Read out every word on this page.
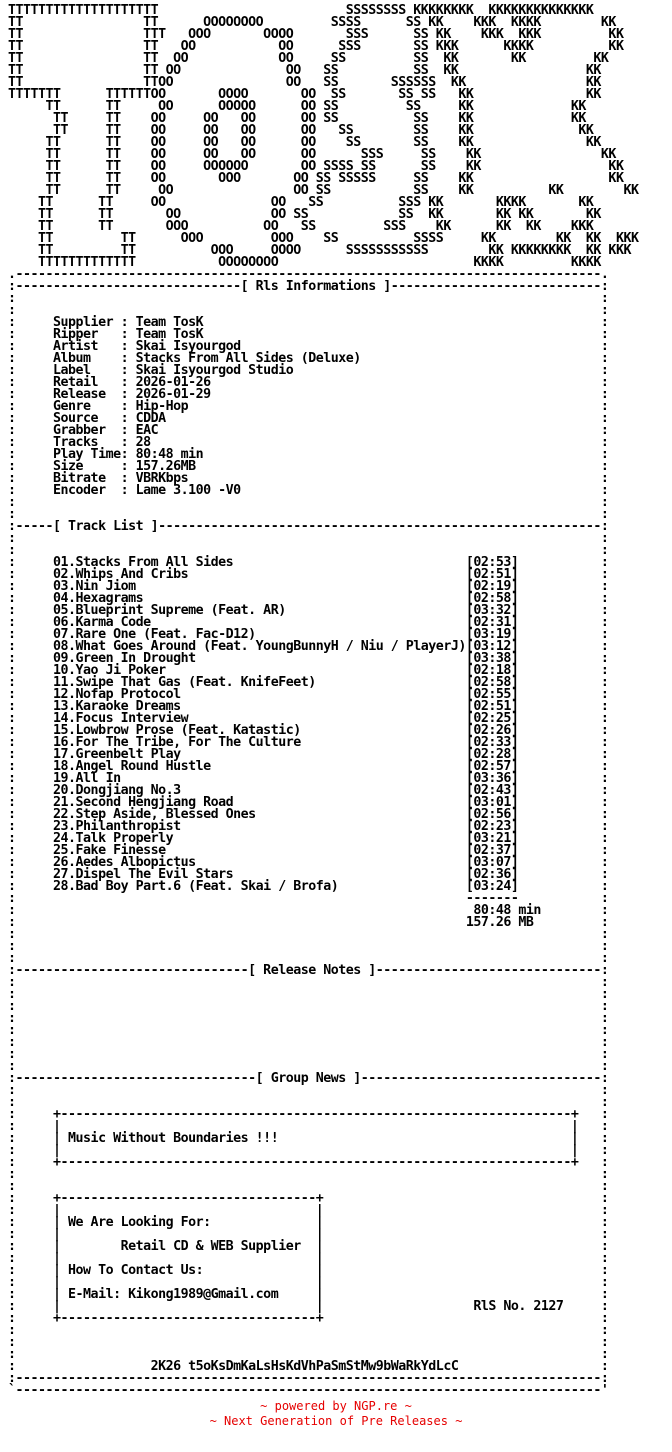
TTTTTTTTTTTTTTTTTTTT                         SSSSSSSS KKKKKKKK  KKKKKKKKKKKKKK
TT                TT      OOOOOOOO         SSSS      SS KK    KKK  KKKK        KK
TT                TTT   OOO       OOOO       SSS      SS KK    KKK  KKK         KK
TT                TT   OO           OO      SSS       SS KKK      KKKK          KK
TT                TT  OO            OO     SS         SS  KK       KK         KK
TT                TT OO              OO   SS          SS  KK                 KK
TT                TTOO               OO   SS       SSSSSS  KK                KK
TTTTTTT      TTTTTTOO       OOOO       OO  SS       SS SS   KK               KK
TT      TT     OO      OOOOO      OO SS         SS     KK             KK
TT     TT    OO     OO   OO      OO SS          SS    KK             KK
TT     TT    OO     OO   OO      OO   SS        SS    KK              KK
TT      TT    OO     OO   OO      OO    SS       SS    KK               KK
TT      TT    OO     OO   OO      OO      SSS     SS    KK                KK
TT      TT    OO     OOOOOO       OO SSSS SS      SS    KK                 KK
TT      TT    OO       OOO       OO SS SSSSS     SS    KK                  KK
TT      TT     OO                OO SS           SS    KK          KK        KK
TT      TT     OO              OO   SS          SSS KK       KKKK       KK
TT      TT       OO            OO SS            SS  KK       KK KK       KK
TT      TT       OOO          OO   SS         SSS    KK      KK  KK    KKK
TT         TT      OOO         OOO    SS          SSSS     KK        KK  KK  KKK
TT         TT          OOO     OOOO      SSSSSSSSSSS        KK KKKKKKKK  KK KKK
TTTTTTTTTTTTT           OOOOOOOO                          KKKK         KKKK
.------------------------------------------------------------------------------.
:------------------------------[ Rls Informations ]----------------------------:
:                                                                              :
:                                                                              :
:     Supplier : Team TosK                                                     :
:     Ripper   : Team TosK                                                     :
:     Artist   : Skai Isyourgod                                                :
:     Album    : Stacks From All Sides (Deluxe)                                :
:     Label    : Skai Isyourgod Studio                                         :
:     Retail   : 2026-01-26                                                    :
:     Release  : 2026-01-29                                                    :
:     Genre    : Hip-Hop                                                       :
:     Source   : CDDA                                                          :
:     Grabber  : EAC                                                           :
:     Tracks   : 28                                                            :
:     Play Time: 80:48 min                                                     :
:     Size     : 157.26MB                                                      :
:     Bitrate  : VBRKbps                                                       :
:     Encoder  : Lame 3.100 -V0                                                :
:                                                                              :
:                                                                              :
:-----[ Track List ]-----------------------------------------------------------:
:                                                                              :
:                                                                              :
:     01.Stacks From All Sides                               [02:53]           :
:     02.Whips And Cribs                                     [02:51]           :
:     03.Nin Jiom                                            [02:19]           :
:     04.Hexagrams                                           [02:58]           :
:     05.Blueprint Supreme (Feat. AR)                        [03:32]           :
:     06.Karma Code                                          [02:31]           :
:     07.Rare One (Feat. Fac-D12)                            [03:19]           :
:     08.What Goes Around (Feat. YoungBunnyH / Niu / PlayerJ)[03:12]           :
:     09.Green In Drought                                    [03:38]           :
:     10.Yao Ji Poker                                        [02:18]           :
:     11.Swipe That Gas (Feat. KnifeFeet)                    [02:58]           :
:     12.Nofap Protocol                                      [02:55]           :
:     13.Karaoke Dreams                                      [02:51]           :
:     14.Focus Interview                                     [02:25]           :
:     15.Lowbrow Prose (Feat. Katastic)                      [02:26]           :
:     16.For The Tribe, For The Culture                      [02:33]           :
:     17.Greenbelt Play                                      [02:28]           :
:     18.Angel Round Hustle                                  [02:57]           :
:     19.All In                                              [03:36]           :
:     20.Dongjiang No.3                                      [02:43]           :
:     21.Second Hengjiang Road                               [03:01]           :
:     22.Step Aside, Blessed Ones                            [02:56]           :
:     23.Philanthropist                                      [02:23]           :
:     24.Talk Properly                                       [03:21]           :
:     25.Fake Finesse                                        [02:37]           :
:     26.Aedes Albopictus                                    [03:07]           :
:     27.Dispel The Evil Stars                               [02:36]           :
:     28.Bad Boy Part.6 (Feat. Skai / Brofa)                 [03:24]           :
:                                                            -------           :
:                                                             80:48 min        :
:                                                            157.26 MB         :
:                                                                              :
:                                                                              :
:                                                                              :
:-------------------------------[ Release Notes ]------------------------------:
:                                                                              :
:                                                                              :
:                                                                              :
:                                                                              :
:                                                                              :
:                                                                              :
:                                                                              :
:                                                                              :
:--------------------------------[ Group News ]--------------------------------:
:                                                                              :
:                                                                              :
:     +--------------------------------------------------------------------+   :
:     |                                                                    |   :
:     | Music Without Boundaries !!!                                       |   :
:     |                                                                    |   :
:     +--------------------------------------------------------------------+   :
:                                                                              :
:                                                                              :
:     +----------------------------------+                                     :
:     |                                  |                                     :
:     | We Are Looking For:              |                                     :
:     |                                  |                                     :
:     |        Retail CD & WEB Supplier  |                                     :
:     |                                  |                                     :
:     | How To Contact Us:               |                                     :
:     |                                  |                                     :
:     | E-Mail: Kikong1989@Gmail.com     |                                     :
:     |                                  |                    RlS No. 2127     :
:     +----------------------------------+                                     :
:                                                                              :
:                                                                              :
:                                                                              :
:                  2K26 t5oKsDmKaLsHsKdVhPaSmStMw9bWaRkYdLcC                   :
:------------------------------------------------------------------------------:
`------------------------------------------------------------------------------'
~ powered by NGP.re ~
~ Next Generation of Pre Releases ~
